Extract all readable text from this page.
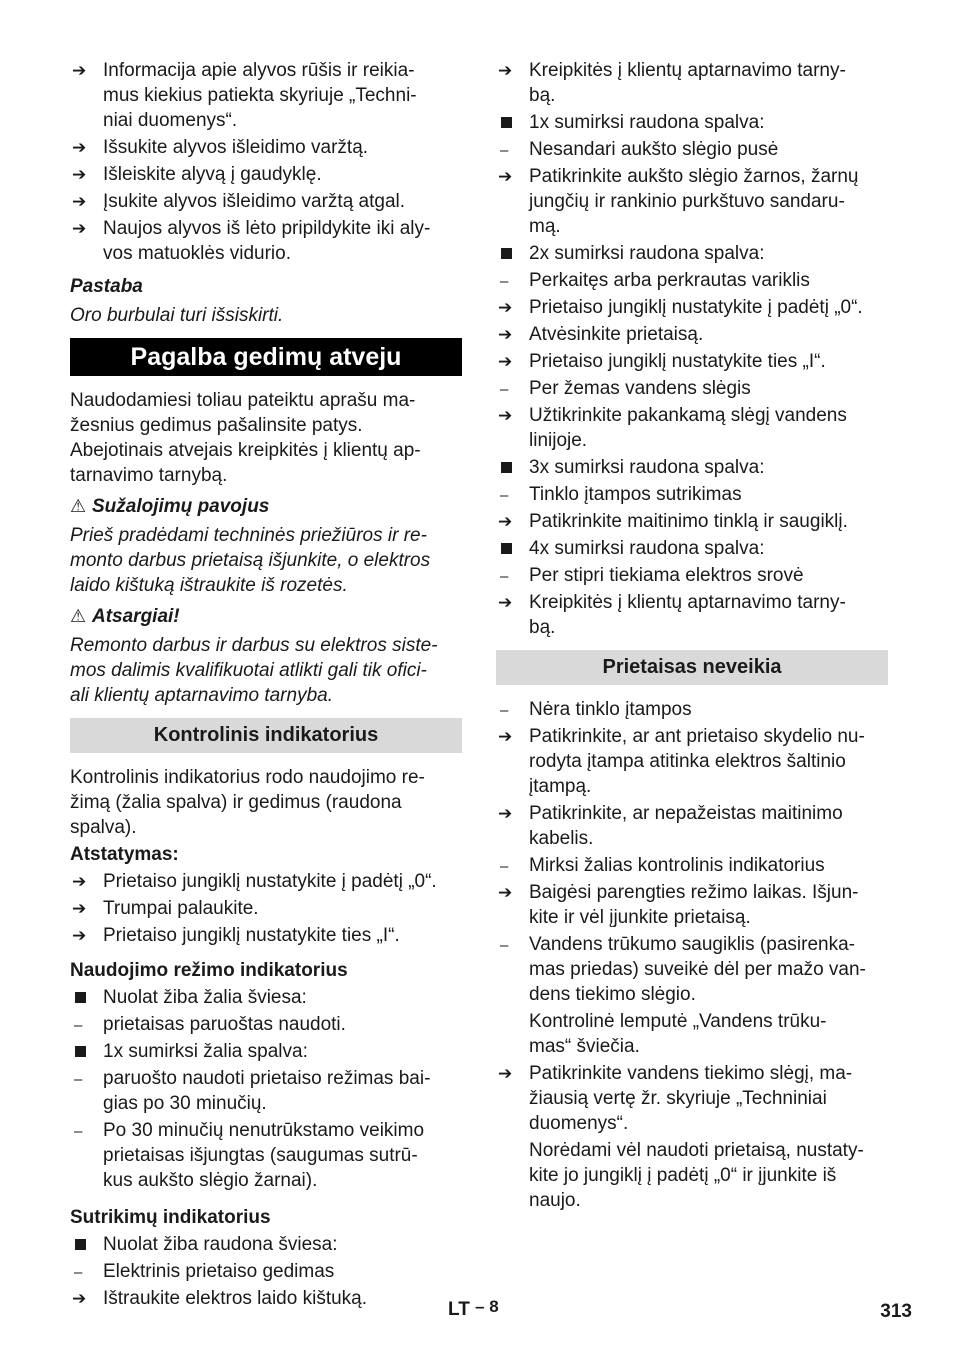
➔
Informacija apie alyvos rūšis ir reikia-
mus kiekius patiekta skyriuje „Techni-
niai duomenys“.
➔
Išsukite alyvos išleidimo varžtą.
➔
Išleiskite alyvą į gaudyklę.
➔
Įsukite alyvos išleidimo varžtą atgal.
➔
Naujos alyvos iš lėto pripildykite iki aly-
vos matuoklės vidurio.
Pastaba
Oro burbulai turi išsiskirti.
Pagalba gedimų atveju
Naudodamiesi toliau pateiktu aprašu ma-
žesnius gedimus pašalinsite patys.
Abejotinais atvejais kreipkitės į klientų ap-
tarnavimo tarnybą.
⚠Sužalojimų pavojus
Prieš pradėdami techninės priežiūros ir re-
monto darbus prietaisą išjunkite, o elektros
laido kištuką ištraukite iš rozetės.
⚠Atsargiai!
Remonto darbus ir darbus su elektros siste-
mos dalimis kvalifikuotai atlikti gali tik ofici-
ali klientų aptarnavimo tarnyba.
Kontrolinis indikatorius
Kontrolinis indikatorius rodo naudojimo re-
žimą (žalia spalva) ir gedimus (raudona
spalva).
Atstatymas:
➔
Prietaiso jungiklį nustatykite į padėtį „0“.
➔
Trumpai palaukite.
➔
Prietaiso jungiklį nustatykite ties „I“.
Naudojimo režimo indikatorius
Nuolat žiba žalia šviesa:
–
prietaisas paruoštas naudoti.
1x sumirksi žalia spalva:
–
paruošto naudoti prietaiso režimas bai-
gias po 30 minučių.
–
Po 30 minučių nenutrūkstamo veikimo
prietaisas išjungtas (saugumas sutrū-
kus aukšto slėgio žarnai).
Sutrikimų indikatorius
Nuolat žiba raudona šviesa:
–
Elektrinis prietaiso gedimas
➔
Ištraukite elektros laido kištuką.
➔
Kreipkitės į klientų aptarnavimo tarny-
bą.
1x sumirksi raudona spalva:
–
Nesandari aukšto slėgio pusė
➔
Patikrinkite aukšto slėgio žarnos, žarnų
jungčių ir rankinio purkštuvo sandaru-
mą.
2x sumirksi raudona spalva:
–
Perkaitęs arba perkrautas variklis
➔
Prietaiso jungiklį nustatykite į padėtį „0“.
➔
Atvėsinkite prietaisą.
➔
Prietaiso jungiklį nustatykite ties „I“.
–
Per žemas vandens slėgis
➔
Užtikrinkite pakankamą slėgį vandens
linijoje.
3x sumirksi raudona spalva:
–
Tinklo įtampos sutrikimas
➔
Patikrinkite maitinimo tinklą ir saugiklį.
4x sumirksi raudona spalva:
–
Per stipri tiekiama elektros srovė
➔
Kreipkitės į klientų aptarnavimo tarny-
bą.
Prietaisas neveikia
–
Nėra tinklo įtampos
➔
Patikrinkite, ar ant prietaiso skydelio nu-
rodyta įtampa atitinka elektros šaltinio
įtampą.
➔
Patikrinkite, ar nepažeistas maitinimo
kabelis.
–
Mirksi žalias kontrolinis indikatorius
➔
Baigėsi parengties režimo laikas. Išjun-
kite ir vėl įjunkite prietaisą.
–
Vandens trūkumo saugiklis (pasirenka-
mas priedas) suveikė dėl per mažo van-
dens tiekimo slėgio.
Kontrolinė lemputė „Vandens trūku-
mas“ šviečia.
➔
Patikrinkite vandens tiekimo slėgį, ma-
žiausią vertę žr. skyriuje „Techniniai
duomenys“.
Norėdami vėl naudoti prietaisą, nustaty-
kite jo jungiklį į padėtį „0“ ir įjunkite iš
naujo.
LT – 8	313
